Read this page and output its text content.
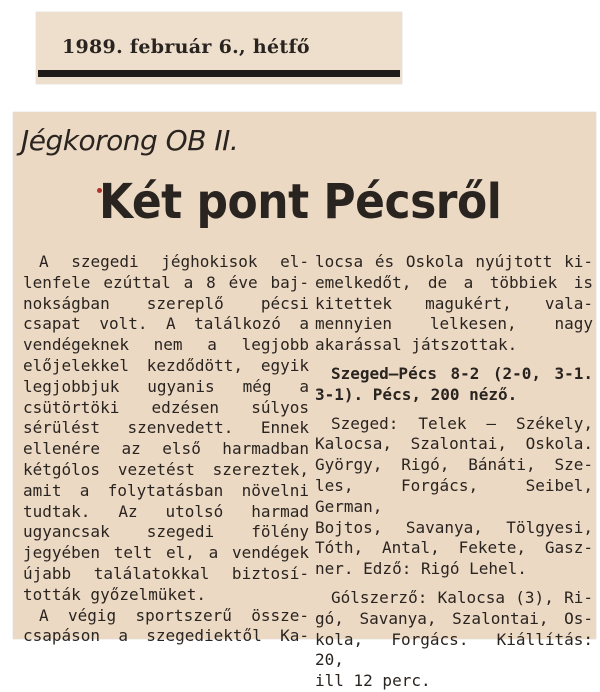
1989. február 6., hétfő
Jégkorong OB II.
Két pont Pécsről
A szegedi jéghokisok el-
lenfele ezúttal a 8 éve baj-
nokságban szereplő pécsi
csapat volt. A találkozó a
vendégeknek nem a legjobb
előjelekkel kezdődött, egyik
legjobbjuk ugyanis még a
csütörtöki edzésen súlyos
sérülést szenvedett. Ennek
ellenére az első harmadban
kétgólos vezetést szereztek,
amit a folytatásban növelni
tudtak. Az utolsó harmad
ugyancsak szegedi fölény
jegyében telt el, a vendégek
újabb találatokkal biztosí-
tották győzelmüket.
A végig sportszerű össze-
csapáson a szegediektől Ka-
locsa és Oskola nyújtott ki-
emelkedőt, de a többiek is
kitettek magukért, vala-
mennyien lelkesen, nagy
akarással játszottak.
Szeged—Pécs 8-2 (2-0, 3-1.
3-1). Pécs, 200 néző.
Szeged: Telek — Székely,
Kalocsa, Szalontai, Oskola.
György, Rigó, Bánáti, Sze-
les, Forgács, Seibel, German,
Bojtos, Savanya, Tölgyesi,
Tóth, Antal, Fekete, Gasz-
ner. Edző: Rigó Lehel.
Gólszerző: Kalocsa (3), Ri-
gó, Savanya, Szalontai, Os-
kola, Forgács. Kiállítás: 20,
ill 12 perc.
